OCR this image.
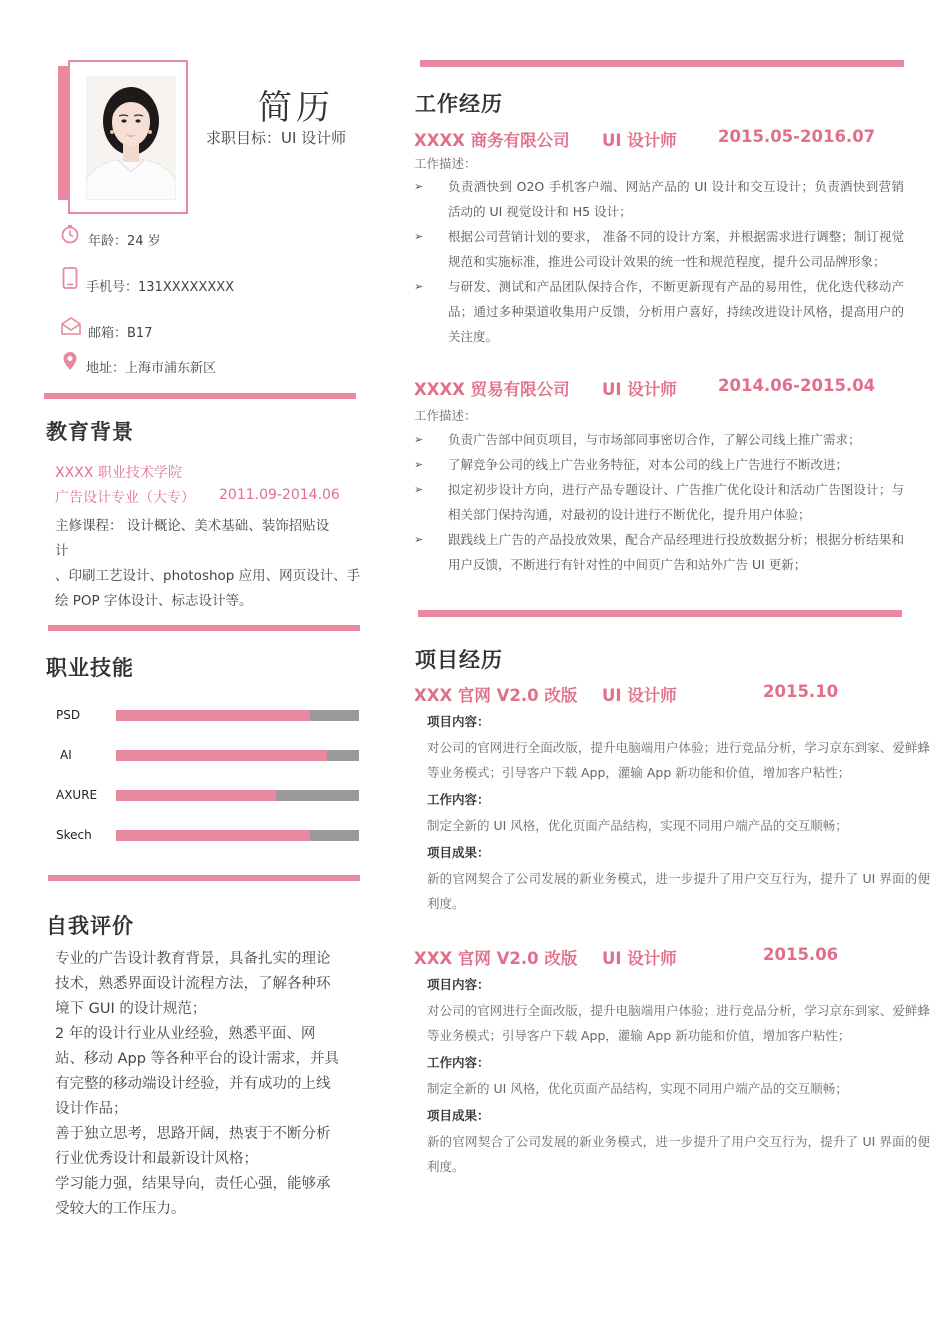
简历
求职目标：UI 设计师
年龄：24 岁
手机号：131XXXXXXXX
邮箱：B17
地址：上海市浦东新区
教育背景
XXXX 职业技术学院
广告设计专业（大专） 2011.09-2014.06
主修课程： 设计概论、美术基础、装饰招贴设
计
、印刷工艺设计、photoshop 应用、网页设计、手
绘 POP 字体设计、标志设计等。
职业技能
PSD
AI
AXURE
Skech
自我评价
专业的广告设计教育背景，具备扎实的理论
技术，熟悉界面设计流程方法，了解各种环
境下 GUI 的设计规范；
2 年的设计行业从业经验，熟悉平面、网
站、移动 App 等各种平台的设计需求，并具
有完整的移动端设计经验，并有成功的上线
设计作品；
善于独立思考，思路开阔，热衷于不断分析
行业优秀设计和最新设计风格；
学习能力强，结果导向，责任心强，能够承
受较大的工作压力。
工作经历
XXXX 商务有限公司 UI 设计师 2015.05-2016.07
工作描述：
➢ 负责酒快到 O2O 手机客户端、网站产品的 UI 设计和交互设计；负责酒快到营销活动的 UI 视觉设计和 H5 设计；
➢ 根据公司营销计划的要求， 准备不同的设计方案，并根据需求进行调整；制订视觉规范和实施标准，推进公司设计效果的统一性和规范程度，提升公司品牌形象；
➢ 与研发、测试和产品团队保持合作，不断更新现有产品的易用性，优化迭代移动产品；通过多种渠道收集用户反馈，分析用户喜好，持续改进设计风格，提高用户的关注度。
XXXX 贸易有限公司 UI 设计师 2014.06-2015.04
工作描述：
➢ 负责广告部中间页项目，与市场部同事密切合作，了解公司线上推广需求；
➢ 了解竞争公司的线上广告业务特征，对本公司的线上广告进行不断改进；
➢ 拟定初步设计方向，进行产品专题设计、广告推广优化设计和活动广告图设计；与相关部门保持沟通，对最初的设计进行不断优化，提升用户体验；
➢ 跟践线上广告的产品投放效果，配合产品经理进行投放数据分析；根据分析结果和用户反馈，不断进行有针对性的中间页广告和站外广告 UI 更新；
项目经历
XXX 官网 V2.0 改版 UI 设计师	2015.10
项目内容：
对公司的官网进行全面改版，提升电脑端用户体验；进行竞品分析，学习京东到家、爱鲜蜂等业务模式；引导客户下载 App，灌输 App 新功能和价值，增加客户粘性；
工作内容：
制定全新的 UI 风格，优化页面产品结构，实现不同用户端产品的交互顺畅；
项目成果：
新的官网契合了公司发展的新业务模式，进一步提升了用户交互行为，提升了 UI 界面的便利度。
XXX 官网 V2.0 改版 UI 设计师	2015.06
项目内容：
对公司的官网进行全面改版，提升电脑端用户体验；进行竞品分析，学习京东到家、爱鲜蜂等业务模式；引导客户下载 App，灌输 App 新功能和价值，增加客户粘性；
工作内容：
制定全新的 UI 风格，优化页面产品结构，实现不同用户端产品的交互顺畅；
项目成果：
新的官网契合了公司发展的新业务模式，进一步提升了用户交互行为，提升了 UI 界面的便利度。
